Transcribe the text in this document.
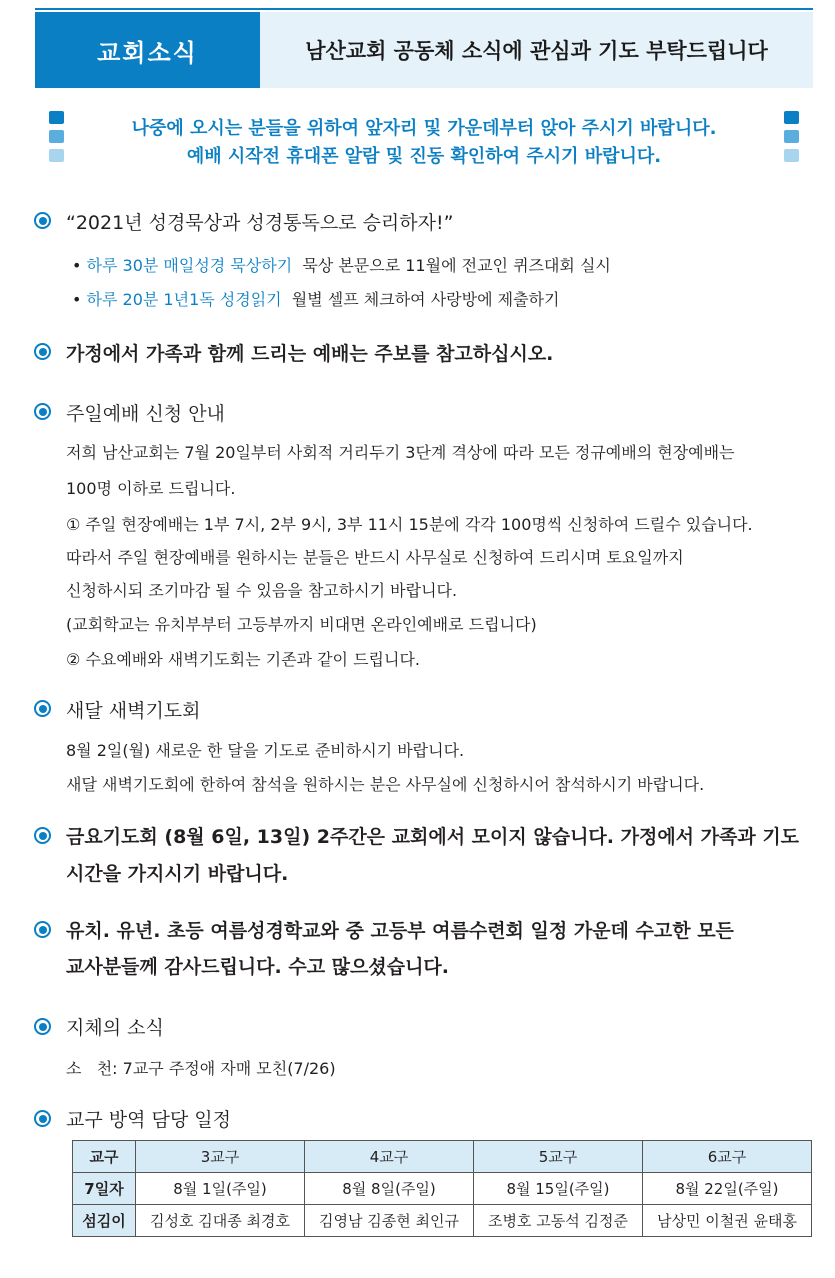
교회소식	남산교회 공동체 소식에 관심과 기도 부탁드립니다
나중에 오시는 분들을 위하여 앞자리 및 가운데부터 앉아 주시기 바랍니다.
예배 시작전 휴대폰 알람 및 진동 확인하여 주시기 바랍니다.
“2021년 성경묵상과 성경통독으로 승리하자!”
• 하루 30분 매일성경 묵상하기 묵상 본문으로 11월에 전교인 퀴즈대회 실시
• 하루 20분 1년1독 성경읽기 월별 셀프 체크하여 사랑방에 제출하기
가정에서 가족과 함께 드리는 예배는 주보를 참고하십시오.
주일예배 신청 안내
저희 남산교회는 7월 20일부터 사회적 거리두기 3단계 격상에 따라 모든 정규예배의 현장예배는
100명 이하로 드립니다.
① 주일 현장예배는 1부 7시, 2부 9시, 3부 11시 15분에 각각 100명씩 신청하여 드릴수 있습니다.
따라서 주일 현장예배를 원하시는 분들은 반드시 사무실로 신청하여 드리시며 토요일까지
신청하시되 조기마감 될 수 있음을 참고하시기 바랍니다.
(교회학교는 유치부부터 고등부까지 비대면 온라인예배로 드립니다)
② 수요예배와 새벽기도회는 기존과 같이 드립니다.
새달 새벽기도회
8월 2일(월) 새로운 한 달을 기도로 준비하시기 바랍니다.
새달 새벽기도회에 한하여 참석을 원하시는 분은 사무실에 신청하시어 참석하시기 바랍니다.
금요기도회 (8월 6일, 13일) 2주간은 교회에서 모이지 않습니다. 가정에서 가족과 기도
시간을 가지시기 바랍니다.
유치. 유년. 초등 여름성경학교와 중 고등부 여름수련회 일정 가운데 수고한 모든
교사분들께 감사드립니다. 수고 많으셨습니다.
지체의 소식
소   천: 7교구 주정애 자매 모친(7/26)
교구 방역 담당 일정
교구	3교구	4교구	5교구	6교구
7일자	8월 1일(주일)	8월 8일(주일)	8월 15일(주일)	8월 22일(주일)
섬김이	김성호 김대종 최경호	김영남 김종현 최인규	조병호 고동석 김정준	남상민 이철권 윤태홍
